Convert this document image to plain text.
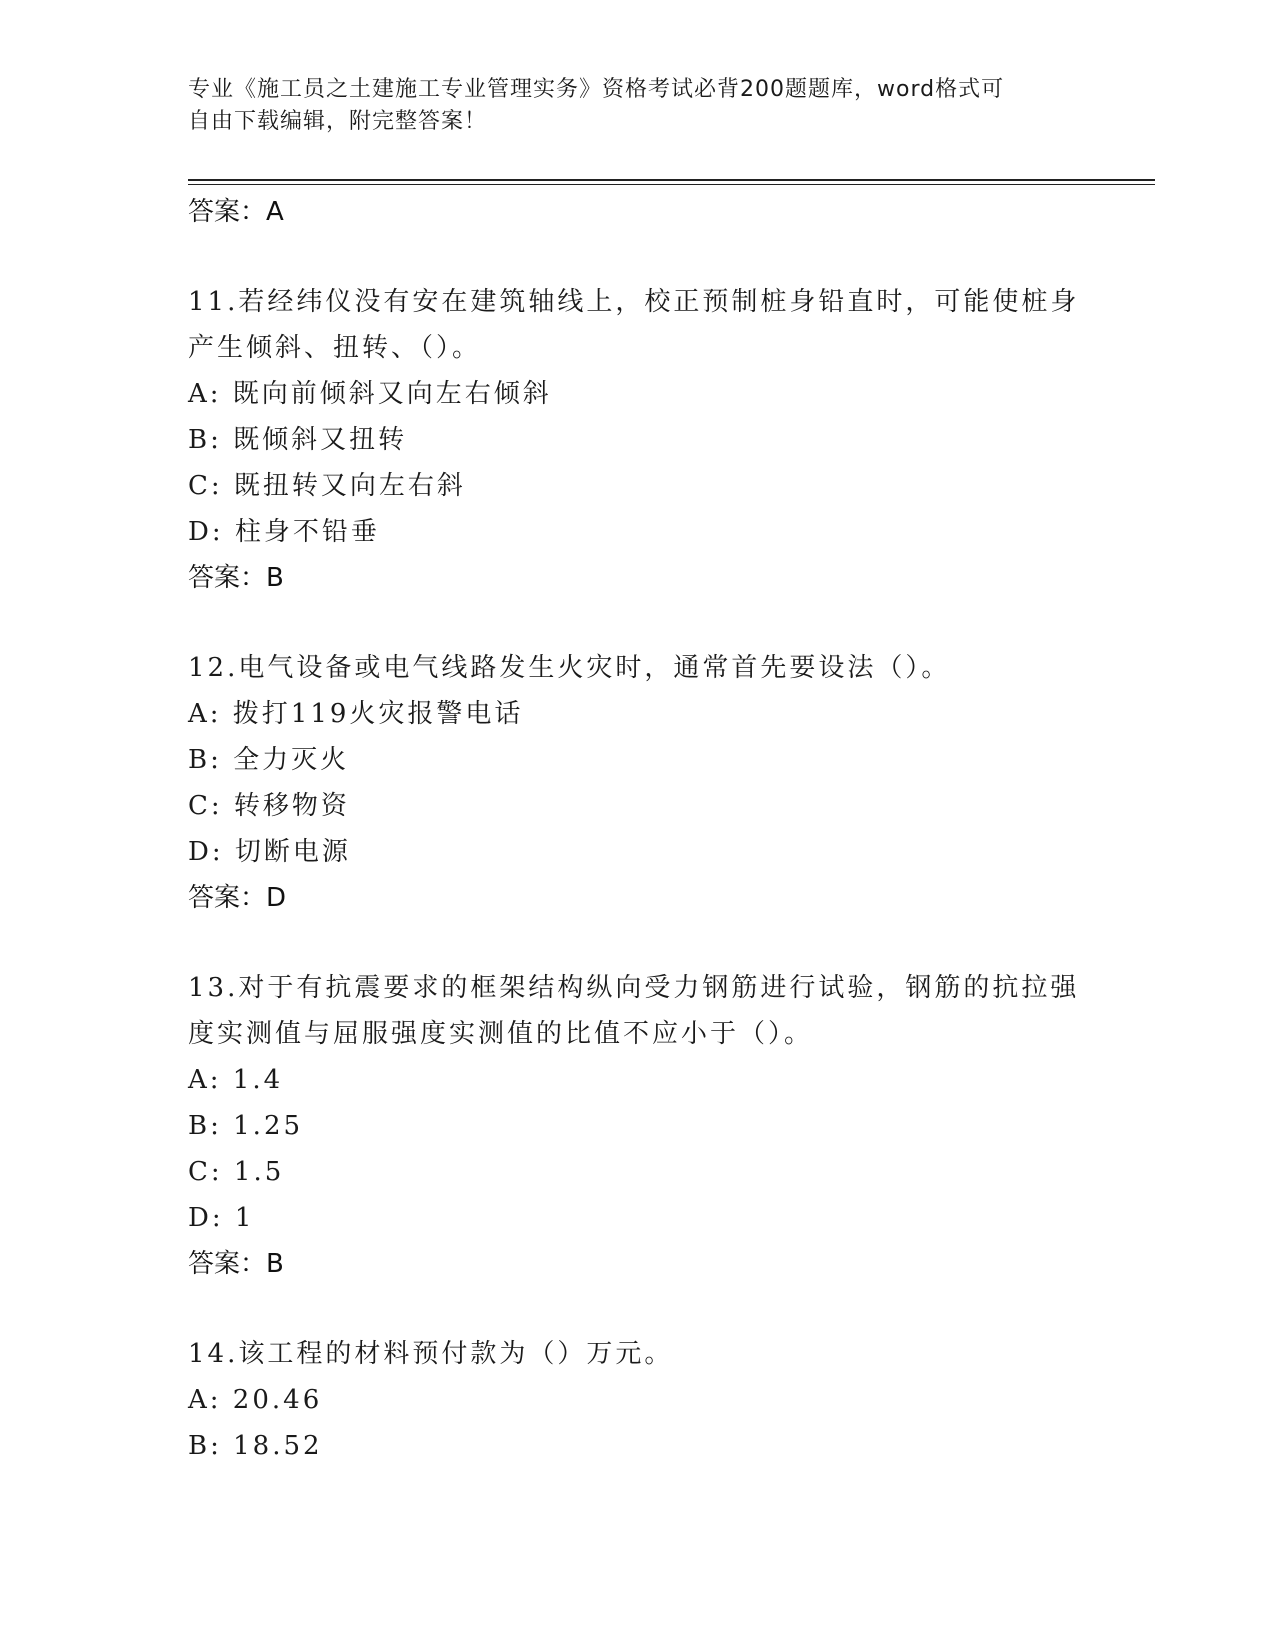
专业《施工员之土建施工专业管理实务》资格考试必背200题题库，word格式可
自由下载编辑，附完整答案！
答案：A
11.若经纬仪没有安在建筑轴线上，校正预制桩身铅直时，可能使桩身
产生倾斜、扭转、（）。
A: 既向前倾斜又向左右倾斜
B: 既倾斜又扭转
C: 既扭转又向左右斜
D: 柱身不铅垂
答案：B
12.电气设备或电气线路发生火灾时，通常首先要设法（）。
A: 拨打119火灾报警电话
B: 全力灭火
C: 转移物资
D: 切断电源
答案：D
13.对于有抗震要求的框架结构纵向受力钢筋进行试验，钢筋的抗拉强
度实测值与屈服强度实测值的比值不应小于（）。
A: 1.4
B: 1.25
C: 1.5
D: 1
答案：B
14.该工程的材料预付款为（）万元。
A: 20.46
B: 18.52
